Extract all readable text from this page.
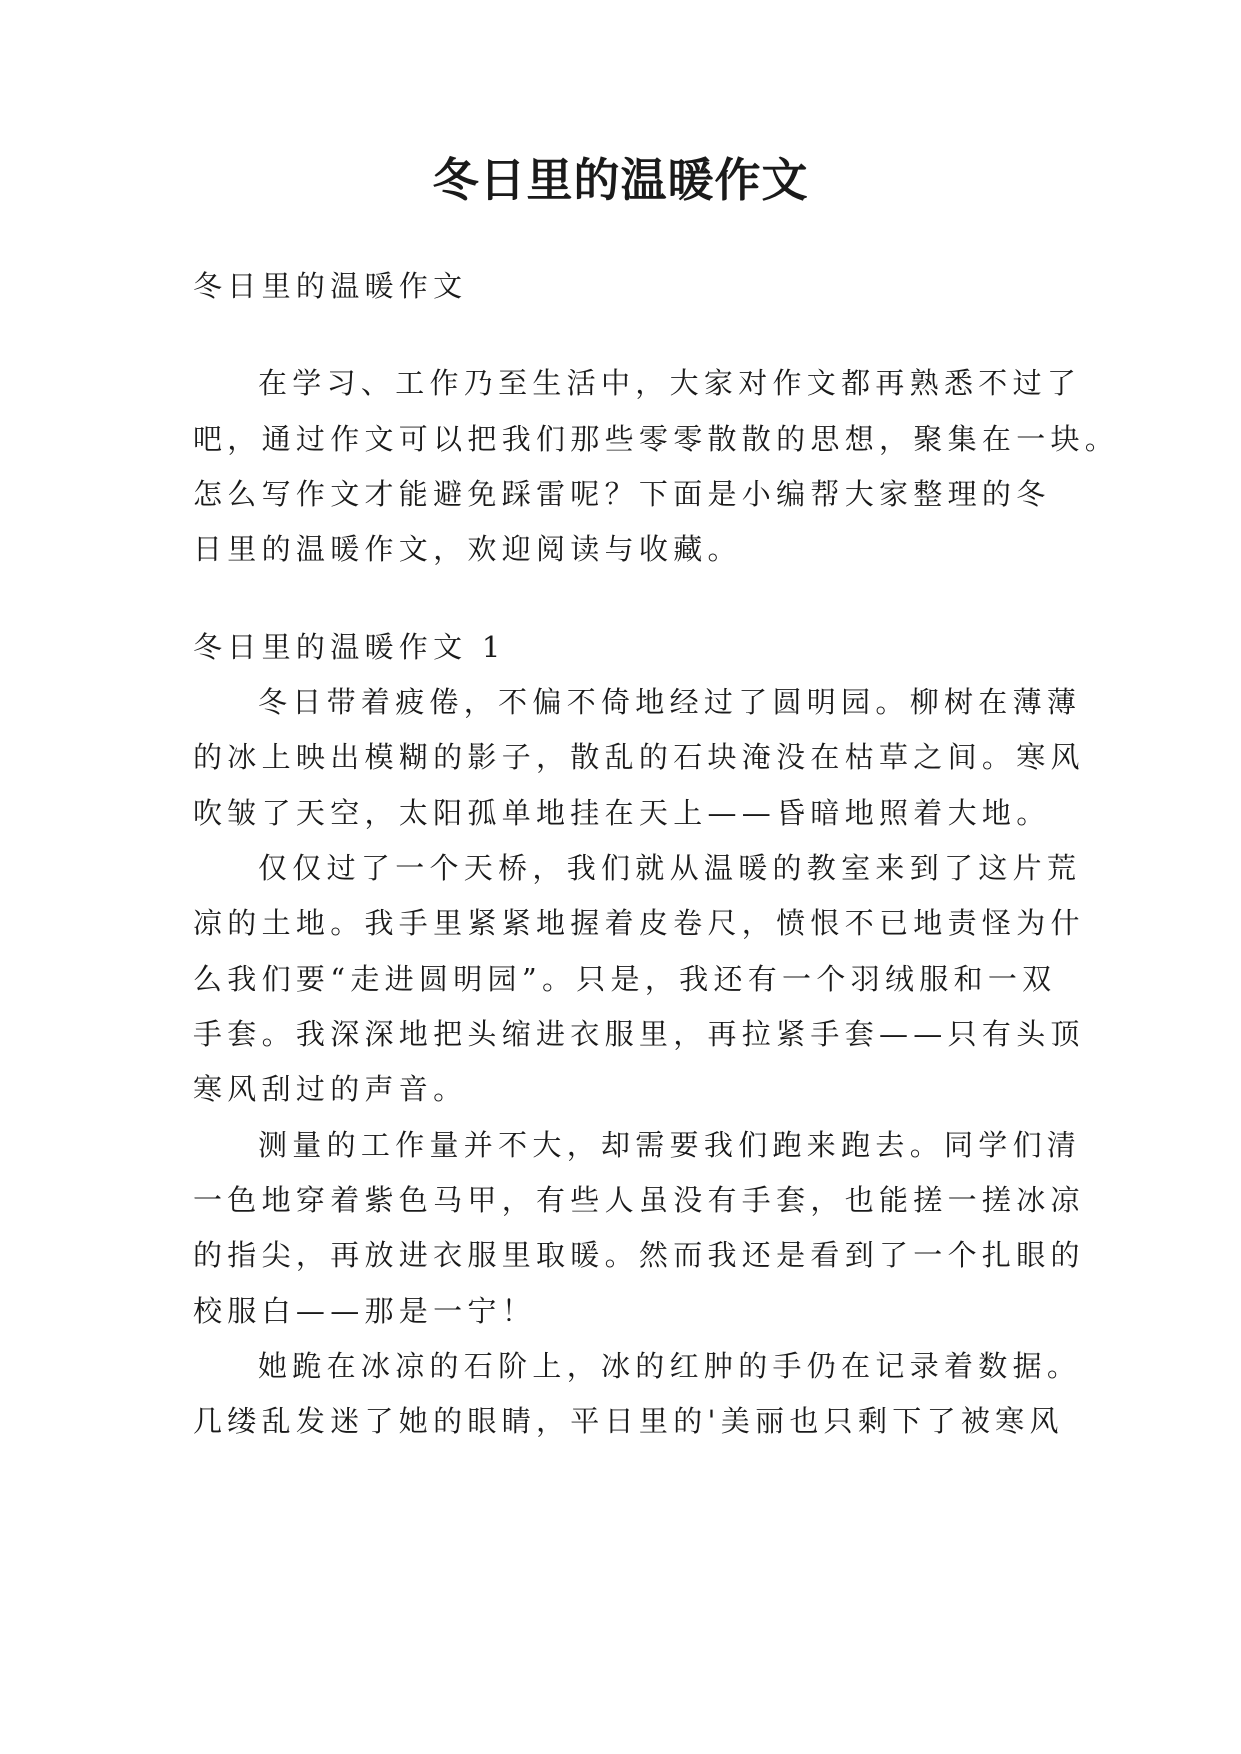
冬日里的温暖作文
冬日里的温暖作文
在学习、工作乃至生活中，大家对作文都再熟悉不过了
吧，通过作文可以把我们那些零零散散的思想，聚集在一块。
怎么写作文才能避免踩雷呢？下面是小编帮大家整理的冬
日里的温暖作文，欢迎阅读与收藏。
冬日里的温暖作文 1
冬日带着疲倦，不偏不倚地经过了圆明园。柳树在薄薄
的冰上映出模糊的影子，散乱的石块淹没在枯草之间。寒风
吹皱了天空，太阳孤单地挂在天上——昏暗地照着大地。
仅仅过了一个天桥，我们就从温暖的教室来到了这片荒
凉的土地。我手里紧紧地握着皮卷尺，愤恨不已地责怪为什
么我们要“走进圆明园”。只是，我还有一个羽绒服和一双
手套。我深深地把头缩进衣服里，再拉紧手套——只有头顶
寒风刮过的声音。
测量的工作量并不大，却需要我们跑来跑去。同学们清
一色地穿着紫色马甲，有些人虽没有手套，也能搓一搓冰凉
的指尖，再放进衣服里取暖。然而我还是看到了一个扎眼的
校服白——那是一宁！
她跪在冰凉的石阶上，冰的红肿的手仍在记录着数据。
几缕乱发迷了她的眼睛，平日里的'美丽也只剩下了被寒风
